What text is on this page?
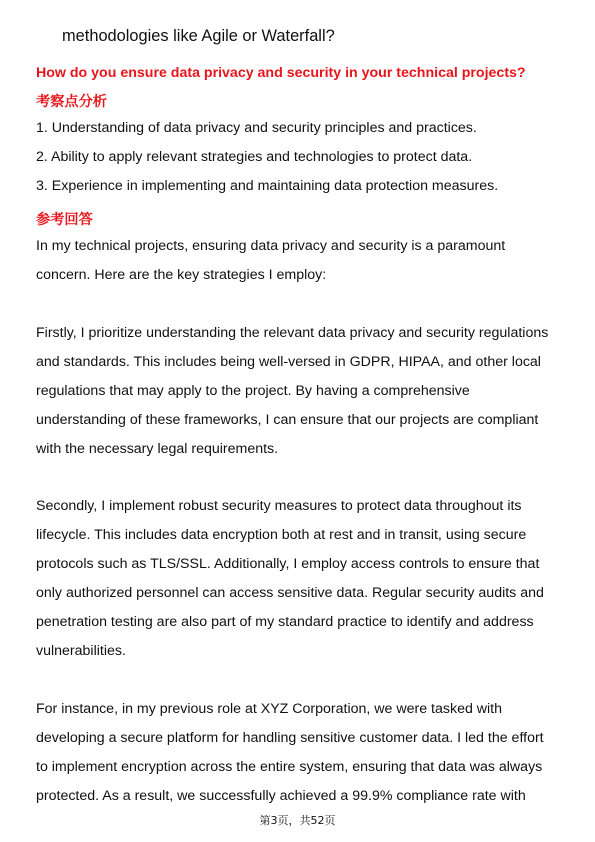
methodologies like Agile or Waterfall?
How do you ensure data privacy and security in your technical projects?
考察点分析
1. Understanding of data privacy and security principles and practices.
2. Ability to apply relevant strategies and technologies to protect data.
3. Experience in implementing and maintaining data protection measures.
参考回答
In my technical projects, ensuring data privacy and security is a paramount
concern. Here are the key strategies I employ:
Firstly, I prioritize understanding the relevant data privacy and security regulations
and standards. This includes being well-versed in GDPR, HIPAA, and other local
regulations that may apply to the project. By having a comprehensive
understanding of these frameworks, I can ensure that our projects are compliant
with the necessary legal requirements.
Secondly, I implement robust security measures to protect data throughout its
lifecycle. This includes data encryption both at rest and in transit, using secure
protocols such as TLS/SSL. Additionally, I employ access controls to ensure that
only authorized personnel can access sensitive data. Regular security audits and
penetration testing are also part of my standard practice to identify and address
vulnerabilities.
For instance, in my previous role at XYZ Corporation, we were tasked with
developing a secure platform for handling sensitive customer data. I led the effort
to implement encryption across the entire system, ensuring that data was always
protected. As a result, we successfully achieved a 99.9% compliance rate with
第3页，共52页
